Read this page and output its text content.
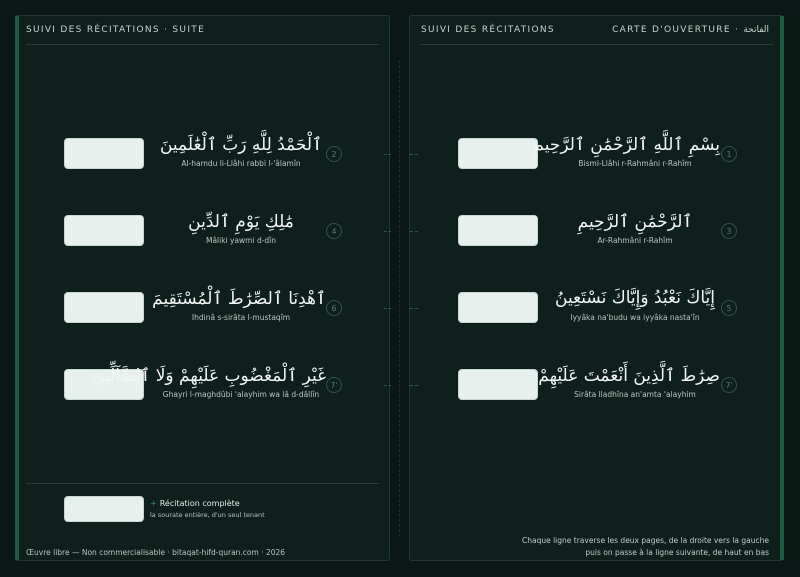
SUIVI DES RÉCITATIONS · SUITE
ٱلْحَمْدُ لِلَّهِ رَبِّ ٱلْعَٰلَمِينَ
Al-hamdu li-Llâhi rabbi l-'âlamîn
2
مَٰلِكِ يَوْمِ ٱلدِّينِ
Mâliki yawmi d-dîn
4
ٱهْدِنَا ٱلصِّرَٰطَ ٱلْمُسْتَقِيمَ
Ihdinâ s-sirâta l-mustaqîm
6
غَيْرِ ٱلْمَغْضُوبِ عَلَيْهِمْ وَلَا ٱلضَّآلِّينَ
Ghayri l-maghdûbi 'alayhim wa lâ d-dâllîn
7'
+ Récitation complète
la sourate entière, d'un seul tenant
Œuvre libre — Non commercialisable · bitaqat-hifd-quran.com · 2026
SUIVI DES RÉCITATIONS	CARTE D'OUVERTURE · الفاتحة
بِسْمِ ٱللَّهِ ٱلرَّحْمَٰنِ ٱلرَّحِيمِ
Bismi-Llâhi r-Rahmâni r-Rahîm
1
ٱلرَّحْمَٰنِ ٱلرَّحِيمِ
Ar-Rahmâni r-Rahîm
3
إِيَّاكَ نَعْبُدُ وَإِيَّاكَ نَسْتَعِينُ
Iyyâka na'budu wa iyyâka nasta'în
5
صِرَٰطَ ٱلَّذِينَ أَنْعَمْتَ عَلَيْهِمْ
Sirâta lladhîna an'amta 'alayhim
7'
Chaque ligne traverse les deux pages, de la droite vers la gauche
puis on passe à la ligne suivante, de haut en bas
